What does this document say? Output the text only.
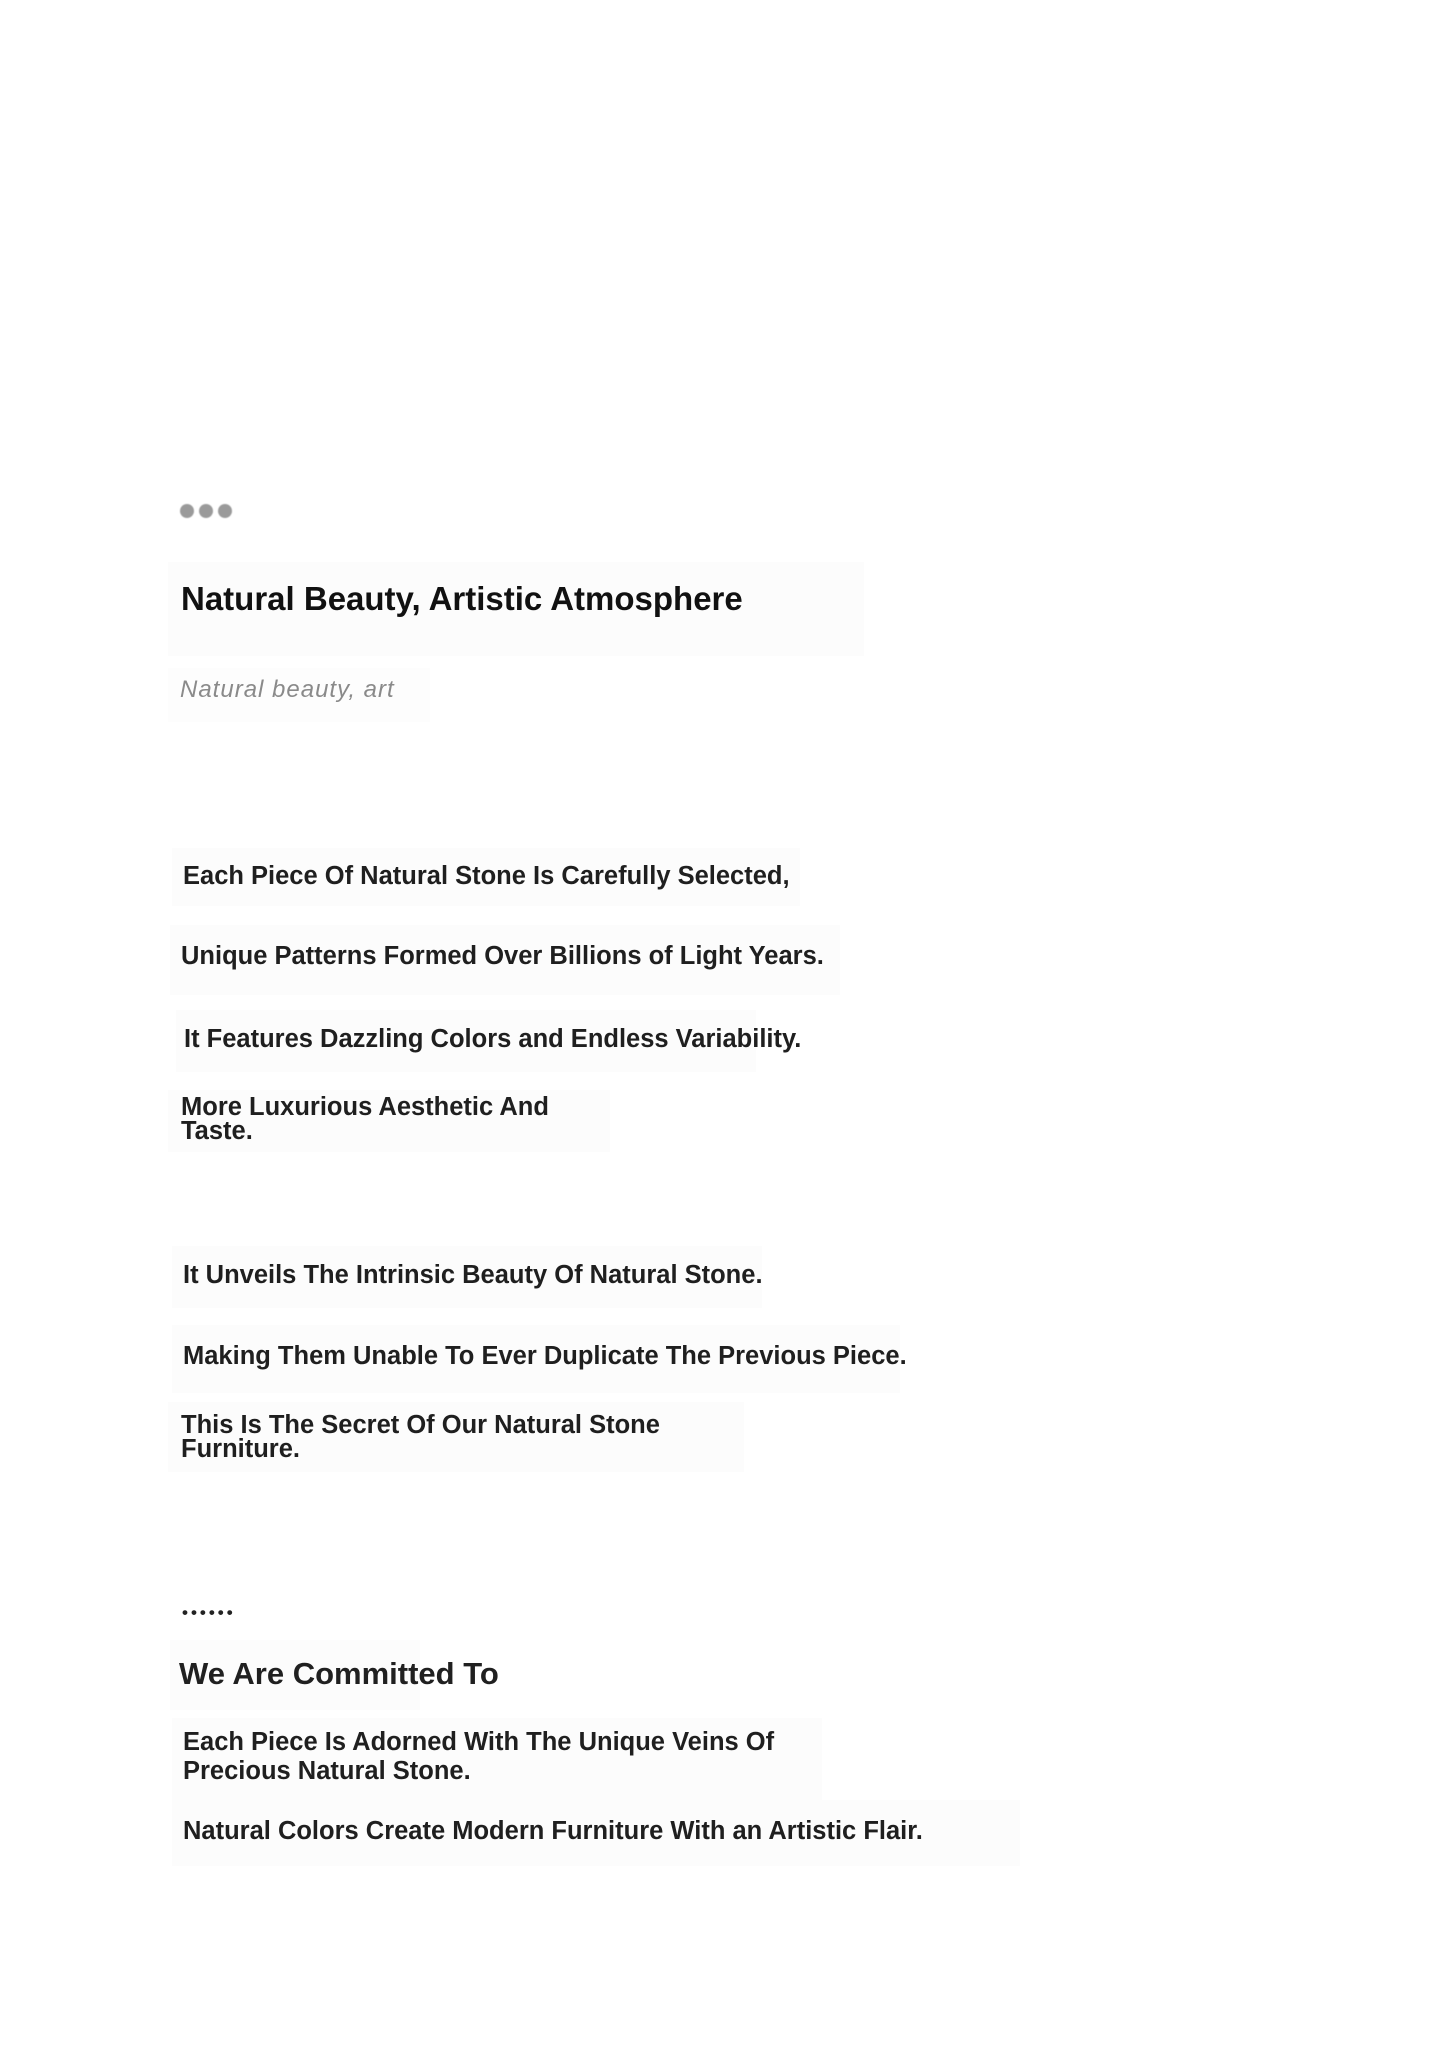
Natural Beauty, Artistic Atmosphere
Natural beauty, art
Each Piece Of Natural Stone Is Carefully Selected,
Unique Patterns Formed Over Billions of Light Years.
It Features Dazzling Colors and Endless Variability.
More Luxurious Aesthetic And
Taste.
It Unveils The Intrinsic Beauty Of Natural Stone.
Making Them Unable To Ever Duplicate The Previous Piece.
This Is The Secret Of Our Natural Stone
Furniture.
••••••
We Are Committed To
Each Piece Is Adorned With The Unique Veins Of
Precious Natural Stone.
Natural Colors Create Modern Furniture With an Artistic Flair.
